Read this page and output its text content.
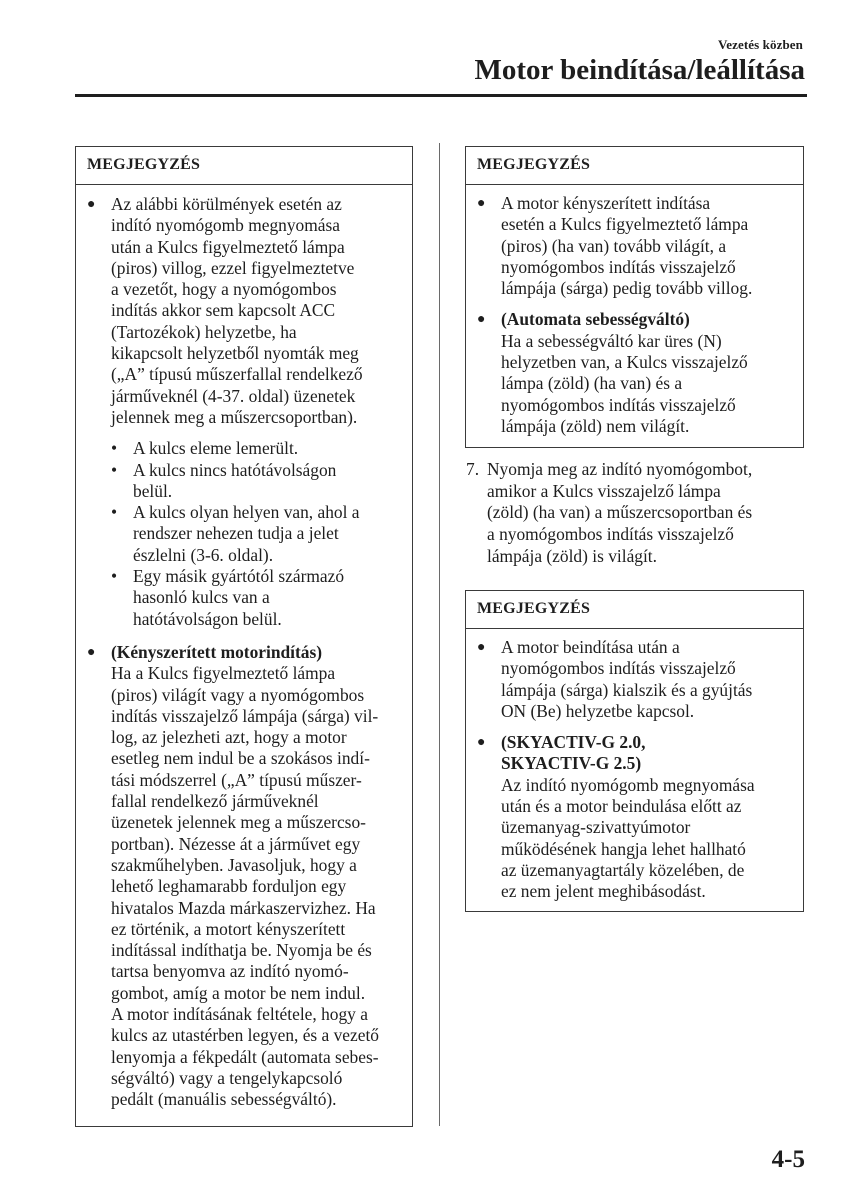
Vezetés közben
Motor beindítása/leállítása
MEGJEGYZÉS
● Az alábbi körülmények esetén az
indító nyomógomb megnyomása
után a Kulcs figyelmeztető lámpa
(piros) villog, ezzel figyelmeztetve
a vezetőt, hogy a nyomógombos
indítás akkor sem kapcsolt ACC
(Tartozékok) helyzetbe, ha
kikapcsolt helyzetből nyomták meg
(„A” típusú műszerfallal rendelkező
járműveknél (4-37. oldal) üzenetek
jelennek meg a műszercsoportban).

• A kulcs eleme lemerült.
• A kulcs nincs hatótávolságon
belül.
• A kulcs olyan helyen van, ahol a
rendszer nehezen tudja a jelet
észlelni (3-6. oldal).
• Egy másik gyártótól származó
hasonló kulcs van a
hatótávolságon belül.
● (Kényszerített motorindítás)

Ha a Kulcs figyelmeztető lámpa
(piros) világít vagy a nyomógombos
indítás visszajelző lámpája (sárga) vil-
log, az jelezheti azt, hogy a motor
esetleg nem indul be a szokásos indí-
tási módszerrel („A” típusú műszer-
fallal rendelkező járműveknél
üzenetek jelennek meg a műszercso-
portban). Nézesse át a járművet egy
szakműhelyben. Javasoljuk, hogy a
lehető leghamarabb forduljon egy
hivatalos Mazda márkaszervizhez. Ha
ez történik, a motort kényszerített
indítással indíthatja be. Nyomja be és
tartsa benyomva az indító nyomó-
gombot, amíg a motor be nem indul.
A motor indításának feltétele, hogy a
kulcs az utastérben legyen, és a vezető
lenyomja a fékpedált (automata sebes-
ségváltó) vagy a tengelykapcsoló
pedált (manuális sebességváltó).

MEGJEGYZÉS
● A motor kényszerített indítása
esetén a Kulcs figyelmeztető lámpa
(piros) (ha van) tovább világít, a
nyomógombos indítás visszajelző
lámpája (sárga) pedig tovább villog.

● (Automata sebességváltó)

Ha a sebességváltó kar üres (N)
helyzetben van, a Kulcs visszajelző
lámpa (zöld) (ha van) és a
nyomógombos indítás visszajelző
lámpája (zöld) nem világít.

7. Nyomja meg az indító nyomógombot,
amikor a Kulcs visszajelző lámpa
(zöld) (ha van) a műszercsoportban és
a nyomógombos indítás visszajelző
lámpája (zöld) is világít.
MEGJEGYZÉS
● A motor beindítása után a
nyomógombos indítás visszajelző
lámpája (sárga) kialszik és a gyújtás
ON (Be) helyzetbe kapcsol.

● (SKYACTIV-G 2.0,
SKYACTIV-G 2.5)

Az indító nyomógomb megnyomása
után és a motor beindulása előtt az
üzemanyag-szivattyúmotor
működésének hangja lehet hallható
az üzemanyagtartály közelében, de
ez nem jelent meghibásodást.

4-5
